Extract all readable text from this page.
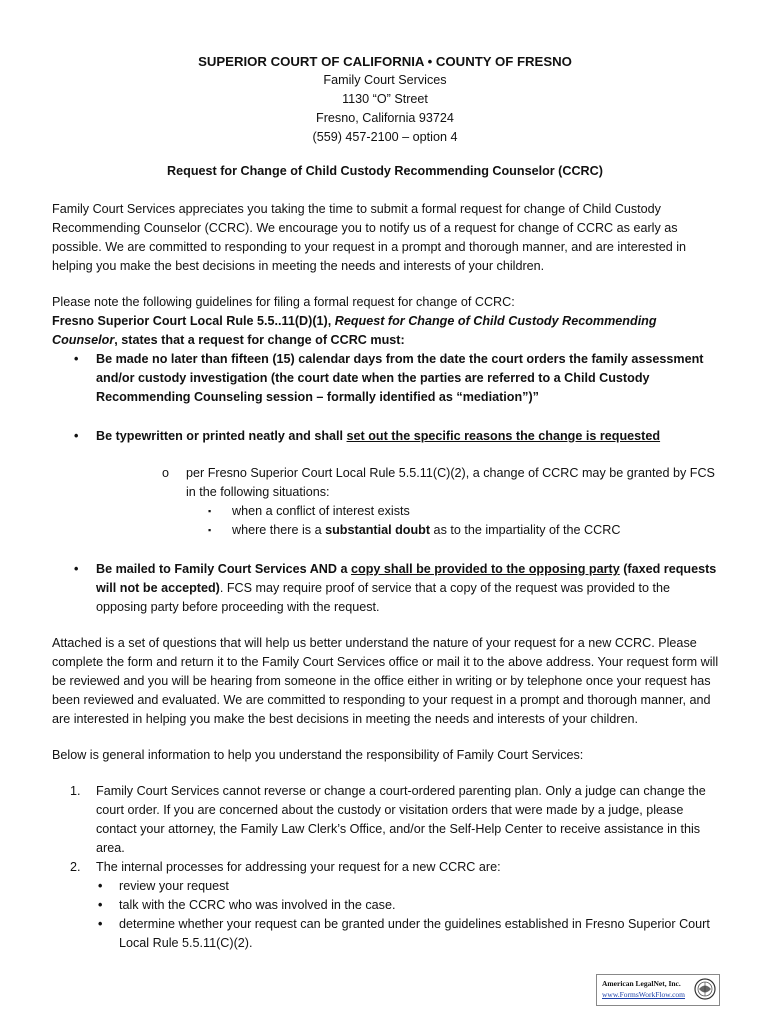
SUPERIOR COURT OF CALIFORNIA • COUNTY OF FRESNO
Family Court Services
1130 “O” Street
Fresno, California 93724
(559) 457-2100 – option 4
Request for Change of Child Custody Recommending Counselor (CCRC)

Family Court Services appreciates you taking the time to submit a formal request for change of Child Custody Recommending Counselor (CCRC). We encourage you to notify us of a request for change of CCRC as early as possible. We are committed to responding to your request in a prompt and thorough manner, and are interested in helping you make the best decisions in meeting the needs and interests of your children.

Please note the following guidelines for filing a formal request for change of CCRC:

Fresno Superior Court Local Rule 5.5..11(D)(1), Request for Change of Child Custody Recommending Counselor, states that a request for change of CCRC must:

• Be made no later than fifteen (15) calendar days from the date the court orders the family assessment and/or custody investigation (the court date when the parties are referred to a Child Custody Recommending Counseling session – formally identified as “mediation”)”
• Be typewritten or printed neatly and shall set out the specific reasons the change is requested
o per Fresno Superior Court Local Rule 5.5.11(C)(2), a change of CCRC may be granted by FCS in the following situations:
▪ when a conflict of interest exists
▪ where there is a substantial doubt as to the impartiality of the CCRC
• Be mailed to Family Court Services AND a copy shall be provided to the opposing party (faxed requests will not be accepted). FCS may require proof of service that a copy of the request was provided to the opposing party before proceeding with the request.

Attached is a set of questions that will help us better understand the nature of your request for a new CCRC. Please complete the form and return it to the Family Court Services office or mail it to the above address. Your request form will be reviewed and you will be hearing from someone in the office either in writing or by telephone once your request has been reviewed and evaluated. We are committed to responding to your request in a prompt and thorough manner, and are interested in helping you make the best decisions in meeting the needs and interests of your children.

Below is general information to help you understand the responsibility of Family Court Services:

1. Family Court Services cannot reverse or change a court-ordered parenting plan. Only a judge can change the court order. If you are concerned about the custody or visitation orders that were made by a judge, please contact your attorney, the Family Law Clerk’s Office, and/or the Self-Help Center to receive assistance in this area.
2. The internal processes for addressing your request for a new CCRC are:
• review your request
• talk with the CCRC who was involved in the case.
• determine whether your request can be granted under the guidelines established in Fresno Superior Court Local Rule 5.5.11(C)(2).
American LegalNet, Inc.
www.FormsWorkFlow.com
